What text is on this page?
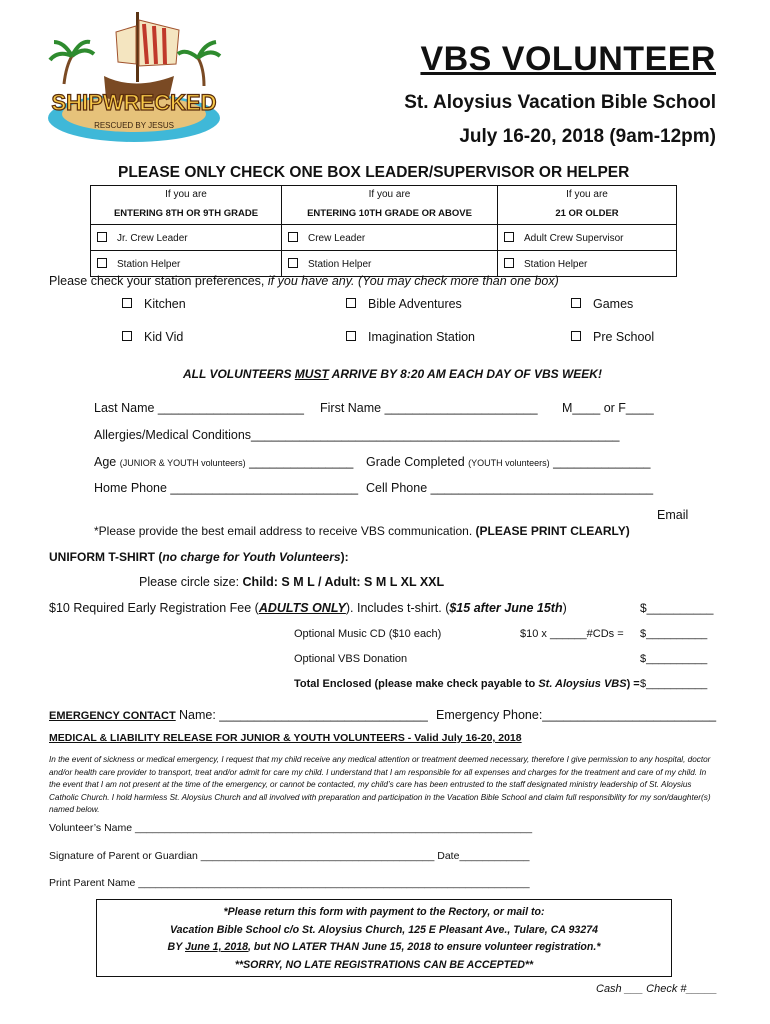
SHIPWRECKED
RESCUED BY JESUS
VBS VOLUNTEER
St. Aloysius Vacation Bible School
July 16-20, 2018 (9am-12pm)
PLEASE ONLY CHECK ONE BOX LEADER/SUPERVISOR OR HELPER
If you are	If you are	If you are
ENTERING 8TH OR 9TH GRADE	ENTERING 10TH GRADE OR ABOVE	21 OR OLDER
Jr. Crew Leader	Crew Leader	Adult Crew Supervisor
Station Helper	Station Helper	Station Helper
Please check your station preferences, if you have any. (You may check more than one box)
Kitchen	Bible Adventures	Games
Kid Vid	Imagination Station	Pre School
ALL VOLUNTEERS MUST ARRIVE BY 8:20 AM EACH DAY OF VBS WEEK!
Last Name _____________________ First Name ______________________ M____ or F____
Allergies/Medical Conditions_____________________________________________________
Age (JUNIOR & YOUTH volunteers) _______________ Grade Completed (YOUTH volunteers) ______________
Home Phone ___________________________ Cell Phone ________________________________
Email
*Please provide the best email address to receive VBS communication. (PLEASE PRINT CLEARLY)
UNIFORM T-SHIRT (no charge for Youth Volunteers):
Please circle size: Child: S M L / Adult: S M L XL XXL
$10 Required Early Registration Fee (ADULTS ONLY). Includes t-shirt. ($15 after June 15th)	$__________
Optional Music CD ($10 each)	$10 x ______#CDs = $__________
Optional VBS Donation	$__________
Total Enclosed (please make check payable to St. Aloysius VBS) = $__________
EMERGENCY CONTACT Name: ______________________________ Emergency Phone:_________________________
MEDICAL & LIABILITY RELEASE FOR JUNIOR & YOUTH VOLUNTEERS - Valid July 16-20, 2018
In the event of sickness or medical emergency, I request that my child receive any medical attention or treatment deemed necessary, therefore I give permission to any hospital, doctor and/or health care provider to transport, treat and/or admit for care my child. I understand that I am responsible for all expenses and charges for the treatment and care of my child. In the event that I am not present at the time of the emergency, or cannot be contacted, my child’s care has been entrusted to the staff designated ministry leadership of St. Aloysius Catholic Church. I hold harmless St. Aloysius Church and all involved with preparation and participation in the Vacation Bible School and claim full responsibility for my son/daughter(s) named below.
Volunteer’s Name ____________________________________________________________________
Signature of Parent or Guardian ________________________________________ Date____________
Print Parent Name ___________________________________________________________________
*Please return this form with payment to the Rectory, or mail to:
Vacation Bible School c/o St. Aloysius Church, 125 E Pleasant Ave., Tulare, CA 93274
BY June 1, 2018, but NO LATER THAN June 15, 2018 to ensure volunteer registration.*
**SORRY, NO LATE REGISTRATIONS CAN BE ACCEPTED**
Cash ___ Check #_____
